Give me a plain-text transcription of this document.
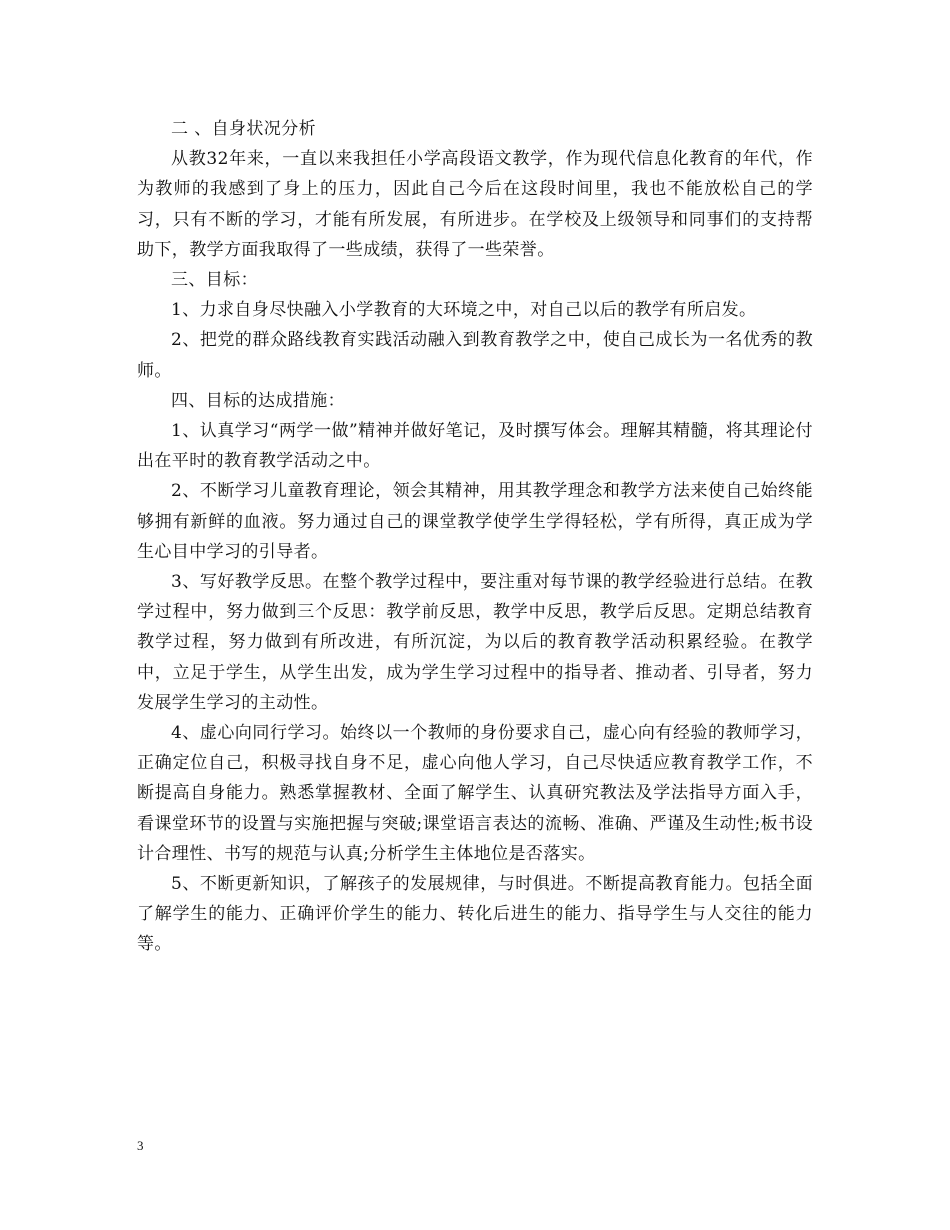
二 、自身状况分析

从教32年来，一直以来我担任小学高段语文教学，作为现代信息化教育的年代，作为教师的我感到了身上的压力，因此自己今后在这段时间里，我也不能放松自己的学习，只有不断的学习，才能有所发展，有所进步。在学校及上级领导和同事们的支持帮助下，教学方面我取得了一些成绩，获得了一些荣誉。

三、目标：

1、力求自身尽快融入小学教育的大环境之中，对自己以后的教学有所启发。

2、把党的群众路线教育实践活动融入到教育教学之中，使自己成长为一名优秀的教师。

四、目标的达成措施：

1、认真学习“两学一做”精神并做好笔记，及时撰写体会。理解其精髓，将其理论付出在平时的教育教学活动之中。

2、不断学习儿童教育理论，领会其精神，用其教学理念和教学方法来使自己始终能够拥有新鲜的血液。努力通过自己的课堂教学使学生学得轻松，学有所得，真正成为学生心目中学习的引导者。

3、写好教学反思。在整个教学过程中，要注重对每节课的教学经验进行总结。在教学过程中，努力做到三个反思：教学前反思，教学中反思，教学后反思。定期总结教育教学过程，努力做到有所改进，有所沉淀，为以后的教育教学活动积累经验。在教学中，立足于学生，从学生出发，成为学生学习过程中的指导者、推动者、引导者，努力发展学生学习的主动性。

4、虚心向同行学习。始终以一个教师的身份要求自己，虚心向有经验的教师学习，正确定位自己，积极寻找自身不足，虚心向他人学习，自己尽快适应教育教学工作，不断提高自身能力。熟悉掌握教材、全面了解学生、认真研究教法及学法指导方面入手，看课堂环节的设置与实施把握与突破;课堂语言表达的流畅、准确、严谨及生动性;板书设计合理性、书写的规范与认真;分析学生主体地位是否落实。

5、不断更新知识，了解孩子的发展规律，与时俱进。不断提高教育能力。包括全面了解学生的能力、正确评价学生的能力、转化后进生的能力、指导学生与人交往的能力等。

3
